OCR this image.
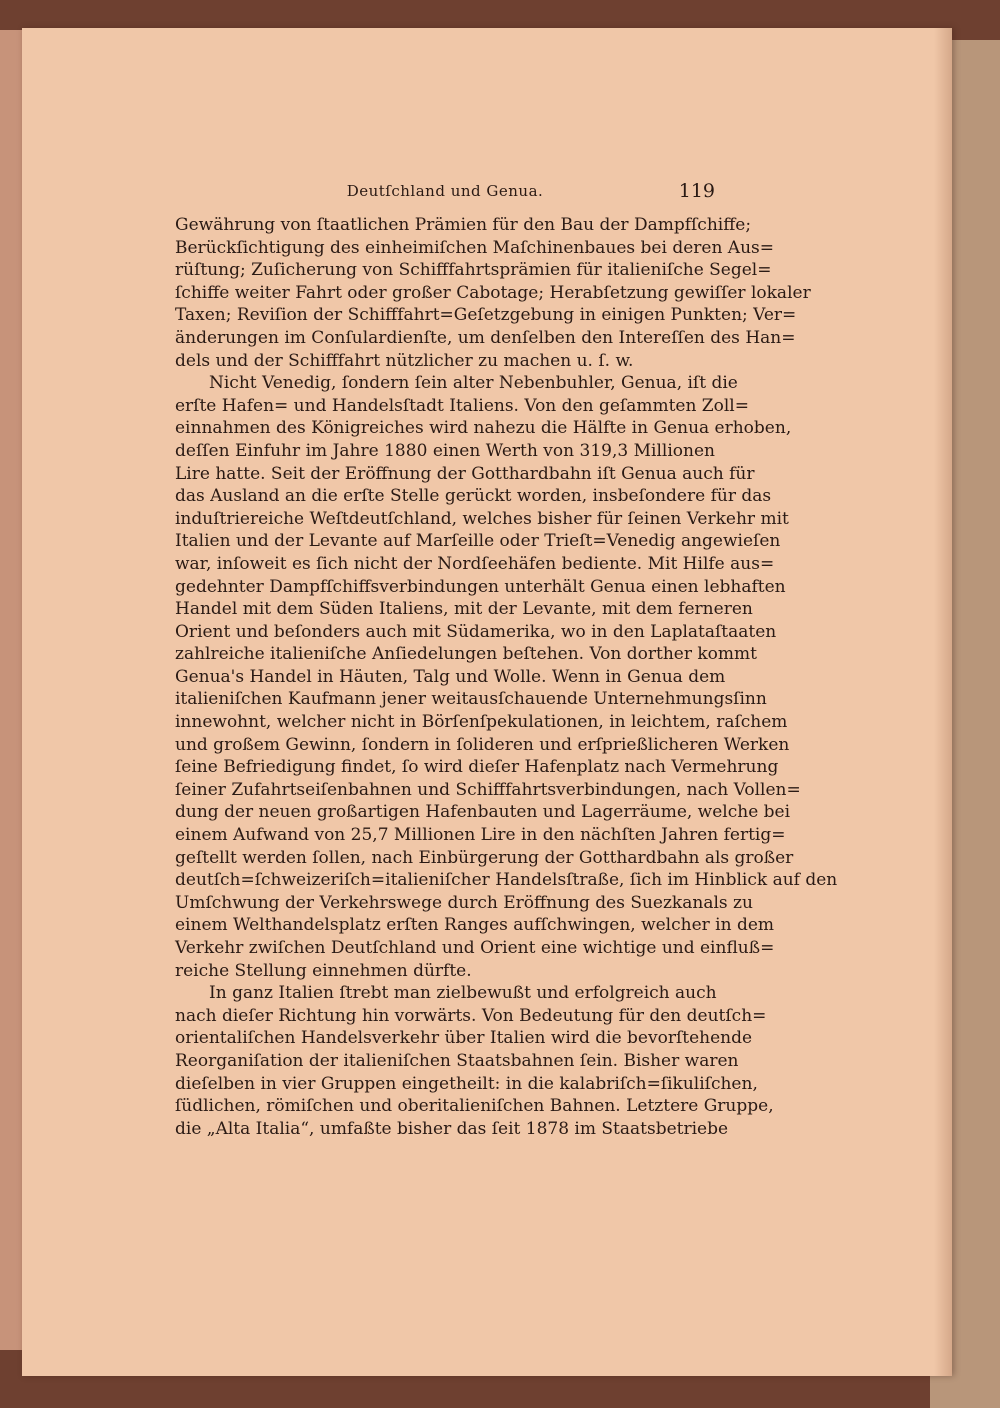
Deutſchland und Genua.	119
Gewährung von ſtaatlichen Prämien für den Bau der Dampfſchiffe;
Berückſichtigung des einheimiſchen Maſchinenbaues bei deren Aus=
rüſtung; Zuſicherung von Schifffahrtsprämien für italieniſche Segel=
ſchiffe weiter Fahrt oder großer Cabotage; Herabſetzung gewiſſer lokaler
Taxen; Reviſion der Schifffahrt=Geſetzgebung in einigen Punkten; Ver=
änderungen im Conſulardienſte, um denſelben den Intereſſen des Han=
dels und der Schifffahrt nützlicher zu machen u. ſ. w.
Nicht Venedig, ſondern ſein alter Nebenbuhler, Genua, iſt die
erſte Hafen= und Handelsſtadt Italiens. Von den geſammten Zoll=
einnahmen des Königreiches wird nahezu die Hälfte in Genua erhoben,
deſſen Einfuhr im Jahre 1880 einen Werth von 319,3 Millionen
Lire hatte. Seit der Eröffnung der Gotthardbahn iſt Genua auch für
das Ausland an die erſte Stelle gerückt worden, insbeſondere für das
induſtriereiche Weſtdeutſchland, welches bisher für ſeinen Verkehr mit
Italien und der Levante auf Marſeille oder Trieſt=Venedig angewieſen
war, inſoweit es ſich nicht der Nordſeehäfen bediente. Mit Hilfe aus=
gedehnter Dampfſchiffsverbindungen unterhält Genua einen lebhaften
Handel mit dem Süden Italiens, mit der Levante, mit dem ferneren
Orient und beſonders auch mit Südamerika, wo in den Laplataſtaaten
zahlreiche italieniſche Anſiedelungen beſtehen. Von dorther kommt
Genua's Handel in Häuten, Talg und Wolle. Wenn in Genua dem
italieniſchen Kaufmann jener weitausſchauende Unternehmungsſinn
innewohnt, welcher nicht in Börſenſpekulationen, in leichtem, raſchem
und großem Gewinn, ſondern in ſolideren und erſprießlicheren Werken
ſeine Befriedigung findet, ſo wird dieſer Hafenplatz nach Vermehrung
ſeiner Zufahrtseiſenbahnen und Schifffahrtsverbindungen, nach Vollen=
dung der neuen großartigen Hafenbauten und Lagerräume, welche bei
einem Aufwand von 25,7 Millionen Lire in den nächſten Jahren fertig=
geſtellt werden ſollen, nach Einbürgerung der Gotthardbahn als großer
deutſch=ſchweizeriſch=italieniſcher Handelsſtraße, ſich im Hinblick auf den
Umſchwung der Verkehrswege durch Eröffnung des Suezkanals zu
einem Welthandelsplatz erſten Ranges aufſchwingen, welcher in dem
Verkehr zwiſchen Deutſchland und Orient eine wichtige und einfluß=
reiche Stellung einnehmen dürfte.
In ganz Italien ſtrebt man zielbewußt und erfolgreich auch
nach dieſer Richtung hin vorwärts. Von Bedeutung für den deutſch=
orientaliſchen Handelsverkehr über Italien wird die bevorſtehende
Reorganiſation der italieniſchen Staatsbahnen ſein. Bisher waren
dieſelben in vier Gruppen eingetheilt: in die kalabriſch=ſikuliſchen,
ſüdlichen, römiſchen und oberitalieniſchen Bahnen. Letztere Gruppe,
die „Alta Italia“, umfaßte bisher das ſeit 1878 im Staatsbetriebe
